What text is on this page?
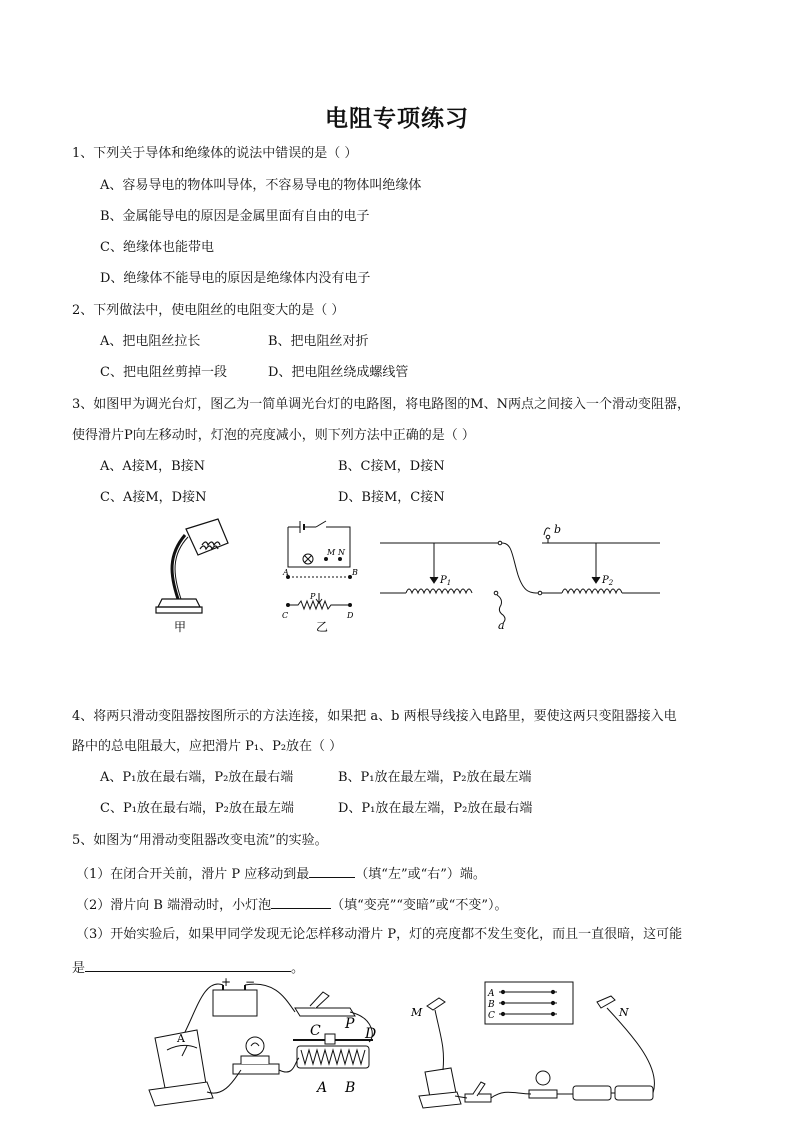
电阻专项练习
1、下列关于导体和绝缘体的说法中错误的是（ ）
A、容易导电的物体叫导体，不容易导电的物体叫绝缘体
B、金属能导电的原因是金属里面有自由的电子
C、绝缘体也能带电
D、绝缘体不能导电的原因是绝缘体内没有电子
2、下列做法中，使电阻丝的电阻变大的是（ ）
A、把电阻丝拉长	B、把电阻丝对折
C、把电阻丝剪掉一段	D、把电阻丝绕成螺线管
3、如图甲为调光台灯，图乙为一简单调光台灯的电路图，将电路图的M、N两点之间接入一个滑动变阻器，
使得滑片P向左移动时，灯泡的亮度减小，则下列方法中正确的是（ ）
A、A接M，B接N	B、C接M，D接N
C、A接M，D接N	D、B接M，C接N
甲
M N
A	B
P
C	D
乙
$P_1$	$P_2$
a
b
4、将两只滑动变阻器按图所示的方法连接，如果把 a、b 两根导线接入电路里，要使这两只变阻器接入电
路中的总电阻最大，应把滑片 P₁、P₂放在（ ）
A、P₁放在最右端，P₂放在最右端	B、P₁放在最左端，P₂放在最左端
C、P₁放在最右端，P₂放在最左端	D、P₁放在最左端，P₂放在最右端
5、如图为“用滑动变阻器改变电流”的实验。
（1）在闭合开关前，滑片 P 应移动到最	（填“左”或“右”）端。
（2）滑片向 B 端滑动时，小灯泡	（填“变亮”“变暗”或“不变”）。
（3）开始实验后，如果甲同学发现无论怎样移动滑片 P，灯的亮度都不发生变化，而且一直很暗，这可能
是	。
+ −
A	C P
D
A B
M	N
A
B
C
